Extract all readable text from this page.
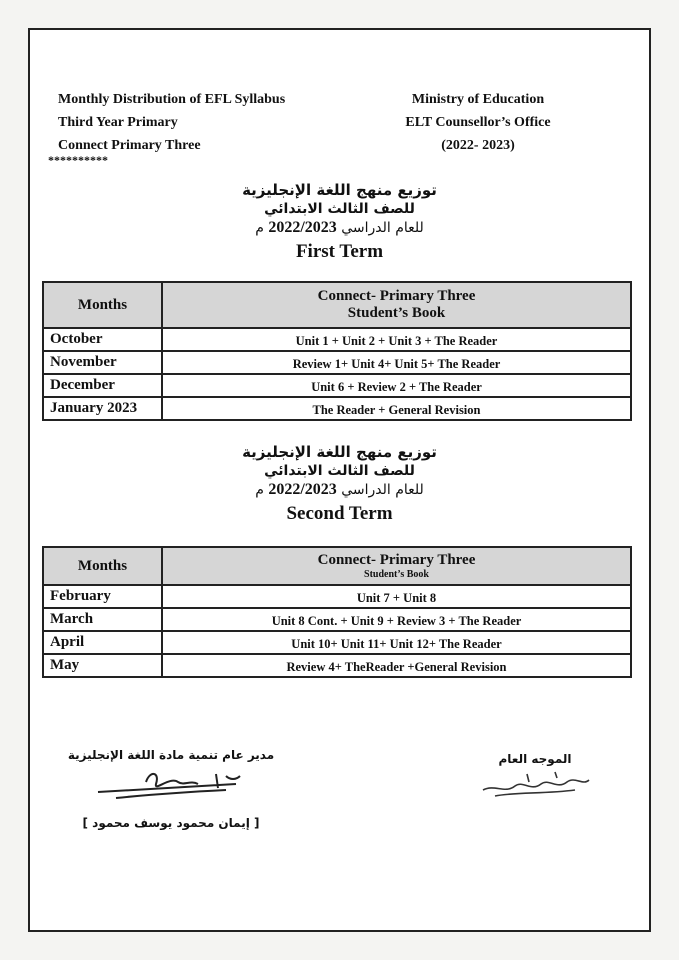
Monthly Distribution of EFL Syllabus
Third Year Primary
Connect Primary Three
Ministry of Education
ELT Counsellor’s Office
(2022- 2023)
**********
توزيع منهج اللغة الإنجليزية
للصف الثالث الابتدائي
للعام الدراسي 2022/2023 م
First Term
Months	Connect- Primary Three
Student’s Book

October	Unit 1 + Unit 2 + Unit 3 + The Reader
November	Review 1+ Unit 4+ Unit 5+ The Reader
December	Unit 6 + Review 2 + The Reader
January 2023	The Reader + General Revision
توزيع منهج اللغة الإنجليزية
للصف الثالث الابتدائي
للعام الدراسي 2022/2023 م
Second Term
Months	Connect- Primary Three
Student’s Book

February	Unit 7 + Unit 8
March	Unit 8 Cont. + Unit 9 + Review 3 + The Reader
April	Unit 10+ Unit 11+ Unit 12+ The Reader
May	Review 4+ TheReader +General Revision
مدير عام تنمية مادة اللغة الإنجليزية
[ إيمان محمود يوسف محمود ]
الموجه العام
